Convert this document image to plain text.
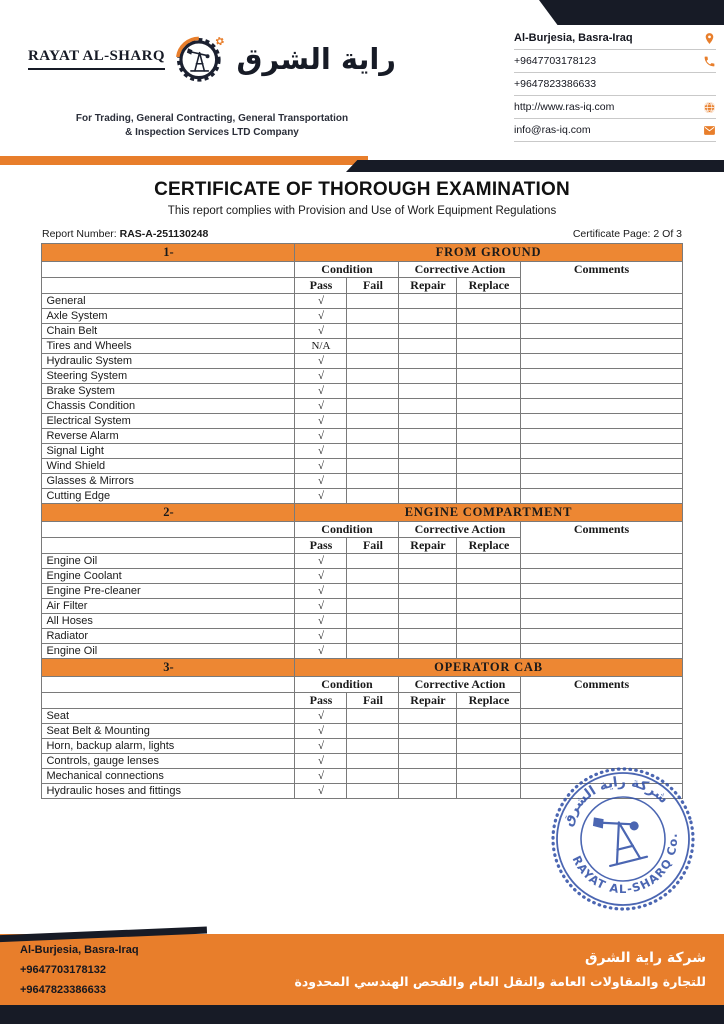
RAYAT AL-SHARQ راية الشرق
For Trading, General Contracting, General Transportation
& Inspection Services LTD Company
Al-Burjesia, Basra-Iraq
+9647703178123
+9647823386633
http://www.ras-iq.com
info@ras-iq.com
CERTIFICATE OF THOROUGH EXAMINATION
This report complies with Provision and Use of Work Equipment Regulations
Report Number: RAS-A-251130248	Certificate Page: 2 Of 3
1-	FROM GROUND				
	Condition		Corrective Action		Comments
	Pass	Fail	Repair	Replace	
General	√				
Axle System	√				
Chain Belt	√				
Tires and Wheels	N/A				
Hydraulic System	√				
Steering System	√				
Brake System	√				
Chassis Condition	√				
Electrical System	√				
Reverse Alarm	√				
Signal Light	√				
Wind Shield	√				
Glasses & Mirrors	√				
Cutting Edge	√				
2-	ENGINE COMPARTMENT				
	Condition		Corrective Action		Comments
	Pass	Fail	Repair	Replace	
Engine Oil	√				
Engine Coolant	√				
Engine Pre-cleaner	√				
Air Filter	√				
All Hoses	√				
Radiator	√				
Engine Oil	√				
3-	OPERATOR CAB				
	Condition		Corrective Action		Comments
	Pass	Fail	Repair	Replace	
Seat	√				
Seat Belt & Mounting	√				
Horn, backup alarm, lights	√				
Controls, gauge lenses	√				
Mechanical connections	√				
Hydraulic hoses and fittings	√				
شركة راية الشرق
RAYAT AL-SHARQ Co.
Al-Burjesia, Basra-Iraq
+9647703178132
+9647823386633
شركة راية الشرق
للتجارة والمقاولات العامة والنقل العام والفحص الهندسي المحدودة
